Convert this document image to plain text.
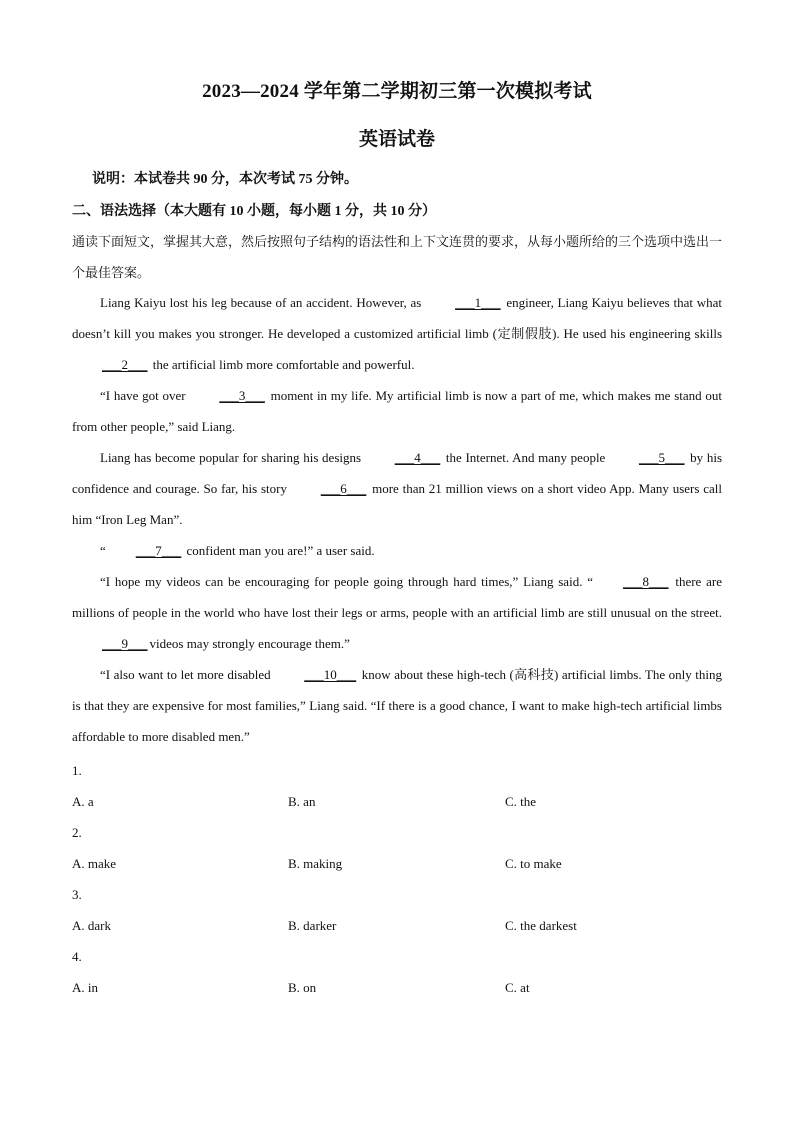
2023—2024 学年第二学期初三第一次模拟考试
英语试卷
说明：本试卷共 90 分，本次考试 75 分钟。
二、语法选择（本大题有 10 小题，每小题 1 分，共 10 分）
通读下面短文，掌握其大意，然后按照句子结构的语法性和上下文连贯的要求，从每小题所给的三个选项中选出一个最佳答案。

Liang Kaiyu lost his leg because of an accident. However, as ___1___ engineer, Liang Kaiyu believes that what doesn’t kill you makes you stronger. He developed a customized artificial limb (定制假肢). He used his engineering skills ___2___ the artificial limb more comfortable and powerful.

“I have got over ___3___ moment in my life. My artificial limb is now a part of me, which makes me stand out from other people,” said Liang.

Liang has become popular for sharing his designs ___4___ the Internet. And many people ___5___ by his confidence and courage. So far, his story ___6___ more than 21 million views on a short video App. Many users call him “Iron Leg Man”.

“ ___7___ confident man you are!” a user said.

“I hope my videos can be encouraging for people going through hard times,” Liang said. “ ___8___ there are millions of people in the world who have lost their legs or arms, people with an artificial limb are still unusual on the street. ___9___ videos may strongly encourage them.”

“I also want to let more disabled ___10___ know about these high-tech (高科技) artificial limbs. The only thing is that they are expensive for most families,” Liang said. “If there is a good chance, I want to make high-tech artificial limbs affordable to more disabled men.”

1.
A. a	B. an	C. the
2.
A. make	B. making	C. to make
3.
A. dark	B. darker	C. the darkest
4.
A. in	B. on	C. at
